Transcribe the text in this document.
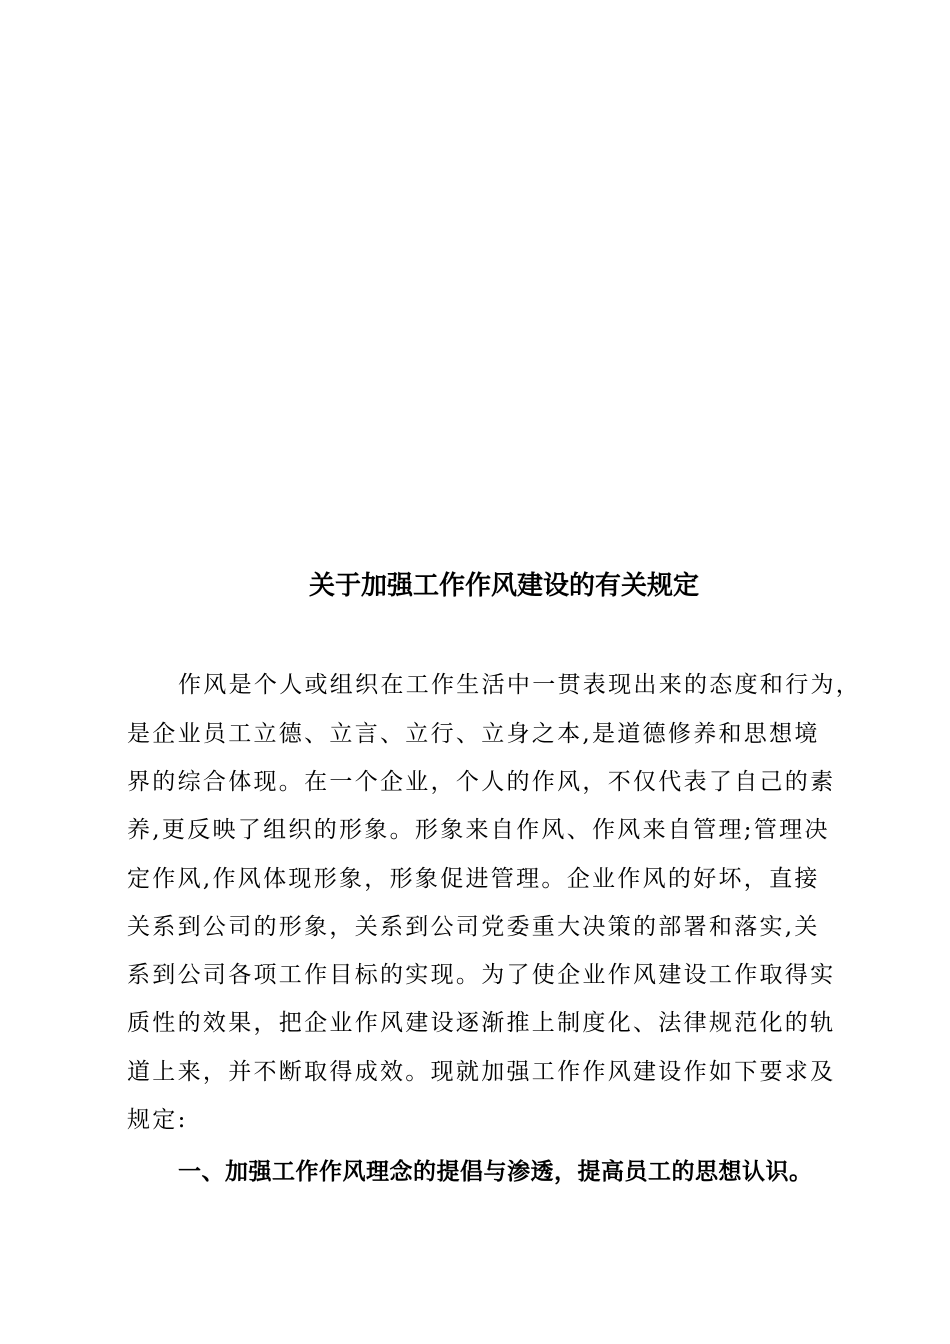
关于加强工作作风建设的有关规定
作风是个人或组织在工作生活中一贯表现出来的态度和行为，
是企业员工立德、立言、立行、立身之本,是道德修养和思想境
界的综合体现。在一个企业，个人的作风，不仅代表了自己的素
养,更反映了组织的形象。形象来自作风、作风来自管理;管理决
定作风,作风体现形象，形象促进管理。企业作风的好坏，直接
关系到公司的形象，关系到公司党委重大决策的部署和落实,关
系到公司各项工作目标的实现。为了使企业作风建设工作取得实
质性的效果，把企业作风建设逐渐推上制度化、法律规范化的轨
道上来，并不断取得成效。现就加强工作作风建设作如下要求及
规定:
一、加强工作作风理念的提倡与渗透，提高员工的思想认识。
